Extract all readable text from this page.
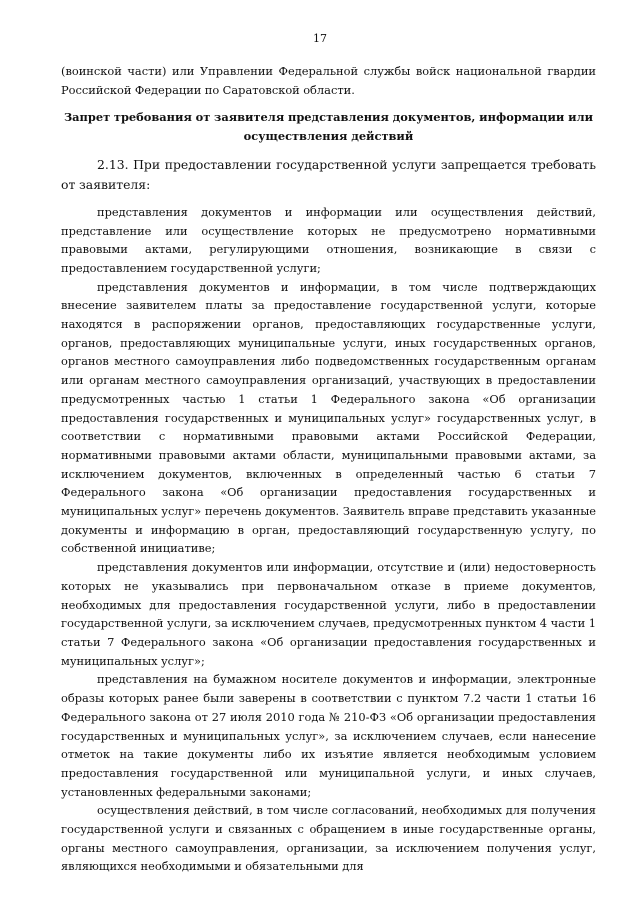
17

(воинской части) или Управлении Федеральной службы войск национальной гвардии Российской Федерации по Саратовской области.

Запрет требования от заявителя представления документов, информации или осуществления действий

2.13. При предоставлении государственной услуги запрещается требовать от заявителя:

представления документов и информации или осуществления действий, представление или осуществление которых не предусмотрено нормативными правовыми актами, регулирующими отношения, возникающие в связи с предоставлением государственной услуги;

представления документов и информации, в том числе подтверждающих внесение заявителем платы за предоставление государственной услуги, которые находятся в распоряжении органов, предоставляющих государственные услуги, органов, предоставляющих муниципальные услуги, иных государственных органов, органов местного самоуправления либо подведомственных государственным органам или органам местного самоуправления организаций, участвующих в предоставлении предусмотренных частью 1 статьи 1 Федерального закона «Об организации предоставления государственных и муниципальных услуг» государственных услуг, в соответствии с нормативными правовыми актами Российской Федерации, нормативными правовыми актами области, муниципальными правовыми актами, за исключением документов, включенных в определенный частью 6 статьи 7 Федерального закона «Об организации предоставления государственных и муниципальных услуг» перечень документов. Заявитель вправе представить указанные документы и информацию в орган, предоставляющий государственную услугу, по собственной инициативе;

представления документов или информации, отсутствие и (или) недостоверность которых не указывались при первоначальном отказе в приеме документов, необходимых для предоставления государственной услуги, либо в предоставлении государственной услуги, за исключением случаев, предусмотренных пунктом 4 части 1 статьи 7 Федерального закона «Об организации предоставления государственных и муниципальных услуг»;

представления на бумажном носителе документов и информации, электронные образы которых ранее были заверены в соответствии с пунктом 7.2 части 1 статьи 16 Федерального закона от 27 июля 2010 года № 210-ФЗ «Об организации предоставления государственных и муниципальных услуг», за исключением случаев, если нанесение отметок на такие документы либо их изъятие является необходимым условием предоставления государственной или муниципальной услуги, и иных случаев, установленных федеральными законами;

осуществления действий, в том числе согласований, необходимых для получения государственной услуги и связанных с обращением в иные государственные органы, органы местного самоуправления, организации, за исключением получения услуг, являющихся необходимыми и обязательными для
